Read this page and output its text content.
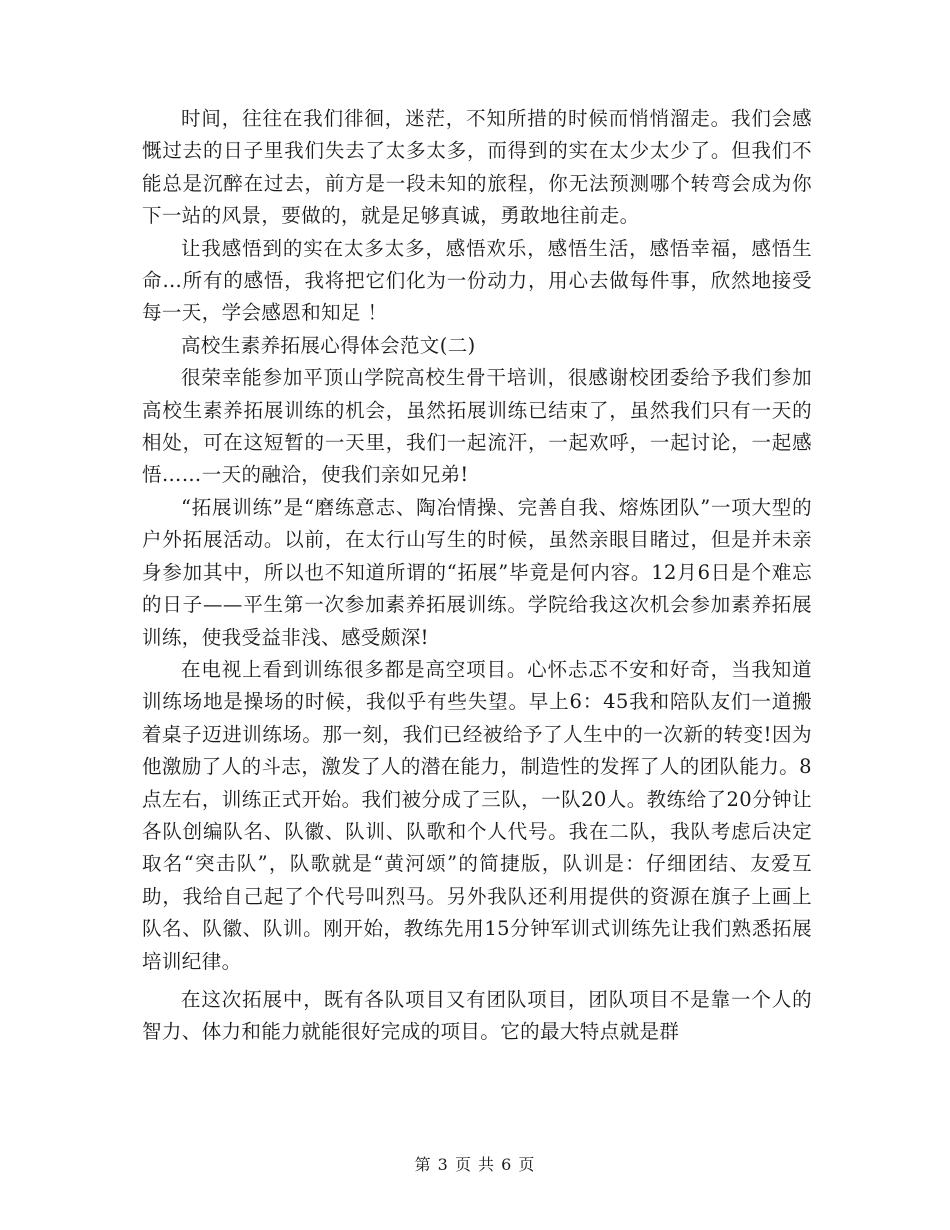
时间，往往在我们徘徊，迷茫，不知所措的时候而悄悄溜走。我们会感慨过去的日子里我们失去了太多太多，而得到的实在太少太少了。但我们不能总是沉醉在过去，前方是一段未知的旅程，你无法预测哪个转弯会成为你下一站的风景，要做的，就是足够真诚，勇敢地往前走。

让我感悟到的实在太多太多，感悟欢乐，感悟生活，感悟幸福，感悟生命…所有的感悟，我将把它们化为一份动力，用心去做每件事，欣然地接受每一天，学会感恩和知足 ！

高校生素养拓展心得体会范文(二)

很荣幸能参加平顶山学院高校生骨干培训，很感谢校团委给予我们参加高校生素养拓展训练的机会，虽然拓展训练已结束了，虽然我们只有一天的相处，可在这短暂的一天里，我们一起流汗，一起欢呼，一起讨论，一起感悟……一天的融洽，使我们亲如兄弟!

“拓展训练”是“磨练意志、陶冶情操、完善自我、熔炼团队”一项大型的户外拓展活动。以前，在太行山写生的时候，虽然亲眼目睹过，但是并未亲身参加其中，所以也不知道所谓的“拓展”毕竟是何内容。12月6日是个难忘的日子——平生第一次参加素养拓展训练。学院给我这次机会参加素养拓展训练，使我受益非浅、感受颇深!

在电视上看到训练很多都是高空项目。心怀忐忑不安和好奇，当我知道训练场地是操场的时候，我似乎有些失望。早上6：45我和陪队友们一道搬着桌子迈进训练场。那一刻，我们已经被给予了人生中的一次新的转变!因为他激励了人的斗志，激发了人的潜在能力，制造性的发挥了人的团队能力。8点左右，训练正式开始。我们被分成了三队，一队20人。教练给了20分钟让各队创编队名、队徽、队训、队歌和个人代号。我在二队，我队考虑后决定取名“突击队”，队歌就是“黄河颂”的简捷版，队训是：仔细团结、友爱互助，我给自己起了个代号叫烈马。另外我队还利用提供的资源在旗子上画上队名、队徽、队训。刚开始，教练先用15分钟军训式训练先让我们熟悉拓展培训纪律。

在这次拓展中，既有各队项目又有团队项目，团队项目不是靠一个人的智力、体力和能力就能很好完成的项目。它的最大特点就是群

第 3 页 共 6 页
